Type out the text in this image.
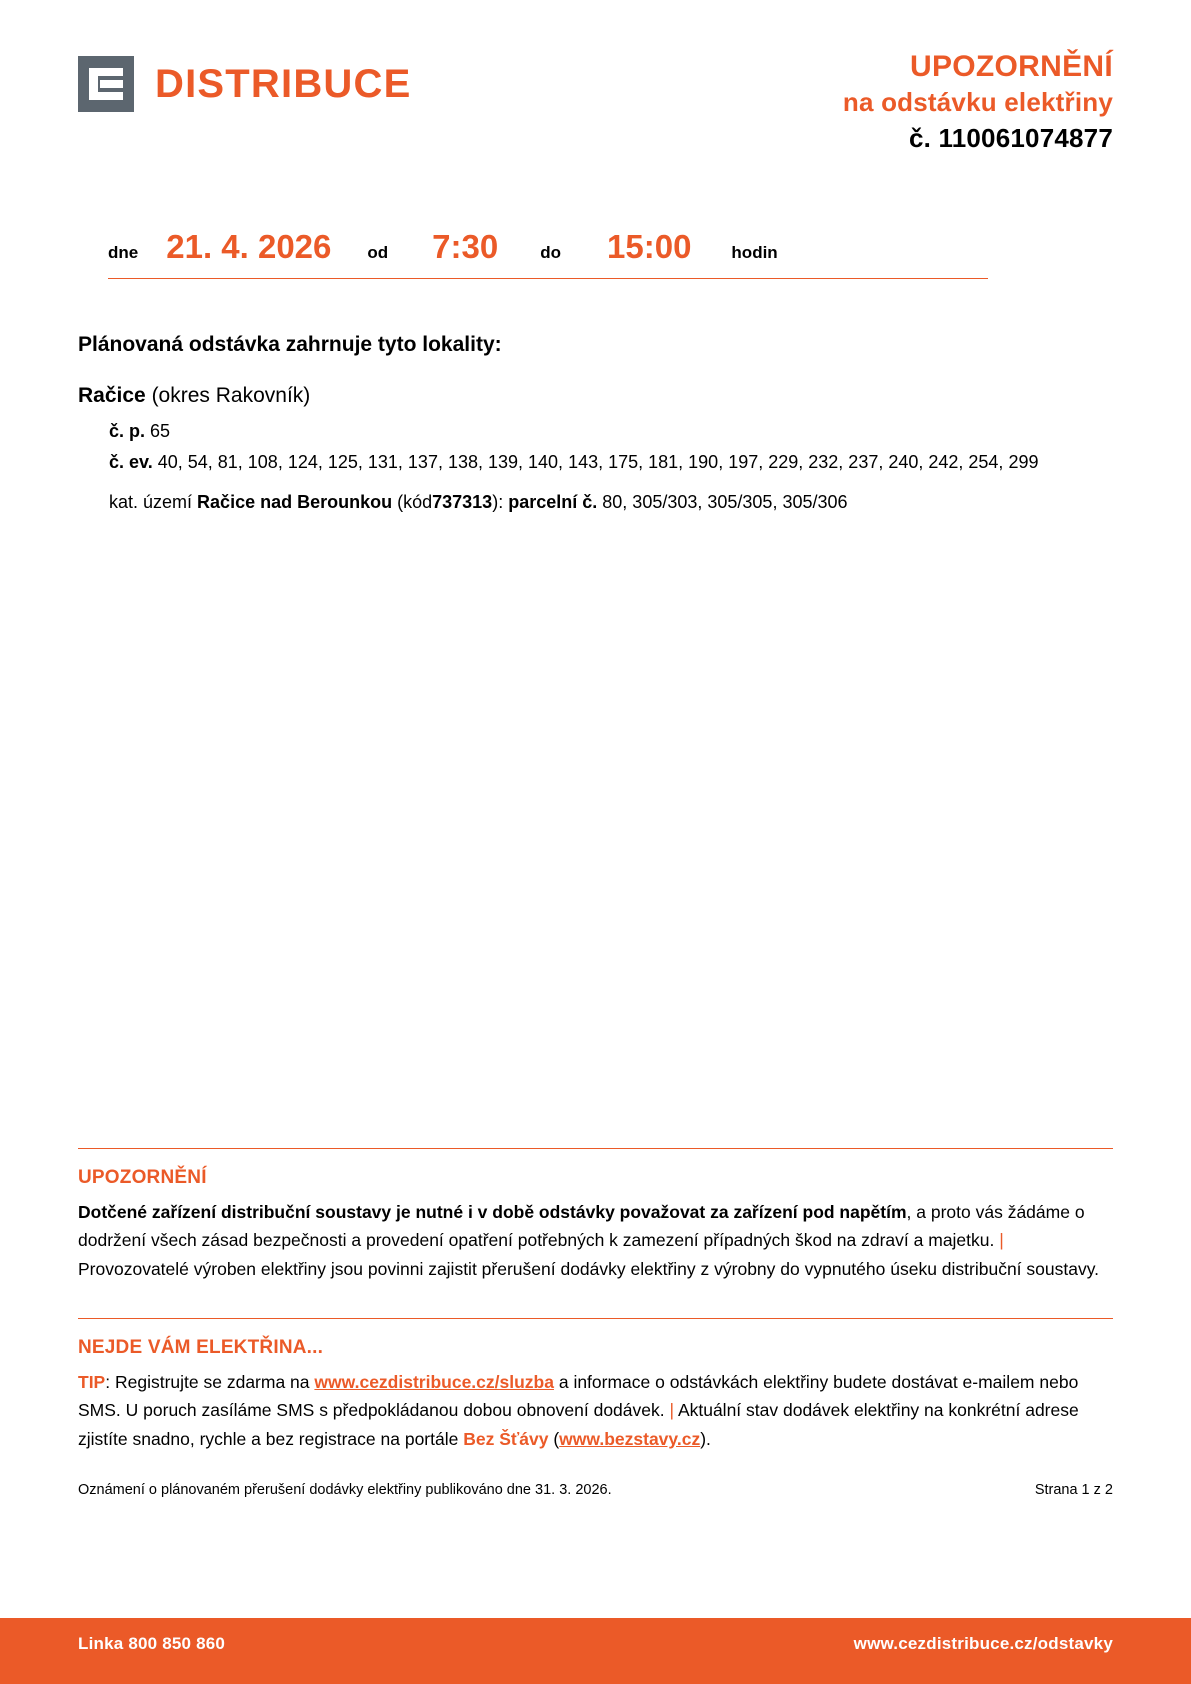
DISTRIBUCE	UPOZORNĚNÍ
na odstávku elektřiny
č. 110061074877
dne 21. 4. 2026 od 7:30 do 15:00 hodin
Plánovaná odstávka zahrnuje tyto lokality:
Račice (okres Rakovník)
č. p. 65
č. ev. 40, 54, 81, 108, 124, 125, 131, 137, 138, 139, 140, 143, 175, 181, 190, 197, 229, 232, 237, 240, 242, 254, 299
kat. území Račice nad Berounkou (kód737313): parcelní č. 80, 305/303, 305/305, 305/306
UPOZORNĚNÍ
Dotčené zařízení distribuční soustavy je nutné i v době odstávky považovat za zařízení pod napětím, a proto vás žádáme o dodržení všech zásad bezpečnosti a provedení opatření potřebných k zamezení případných škod na zdraví a majetku. | Provozovatelé výroben elektřiny jsou povinni zajistit přerušení dodávky elektřiny z výrobny do vypnutého úseku distribuční soustavy.
NEJDE VÁM ELEKTŘINA...
TIP: Registrujte se zdarma na www.cezdistribuce.cz/sluzba a informace o odstávkách elektřiny budete dostávat e-mailem nebo SMS. U poruch zasíláme SMS s předpokládanou dobou obnovení dodávek. | Aktuální stav dodávek elektřiny na konkrétní adrese zjistíte snadno, rychle a bez registrace na portále Bez Šťávy (www.bezstavy.cz).
Oznámení o plánovaném přerušení dodávky elektřiny publikováno dne 31. 3. 2026.	Strana 1 z 2
Linka 800 850 860	www.cezdistribuce.cz/odstavky
